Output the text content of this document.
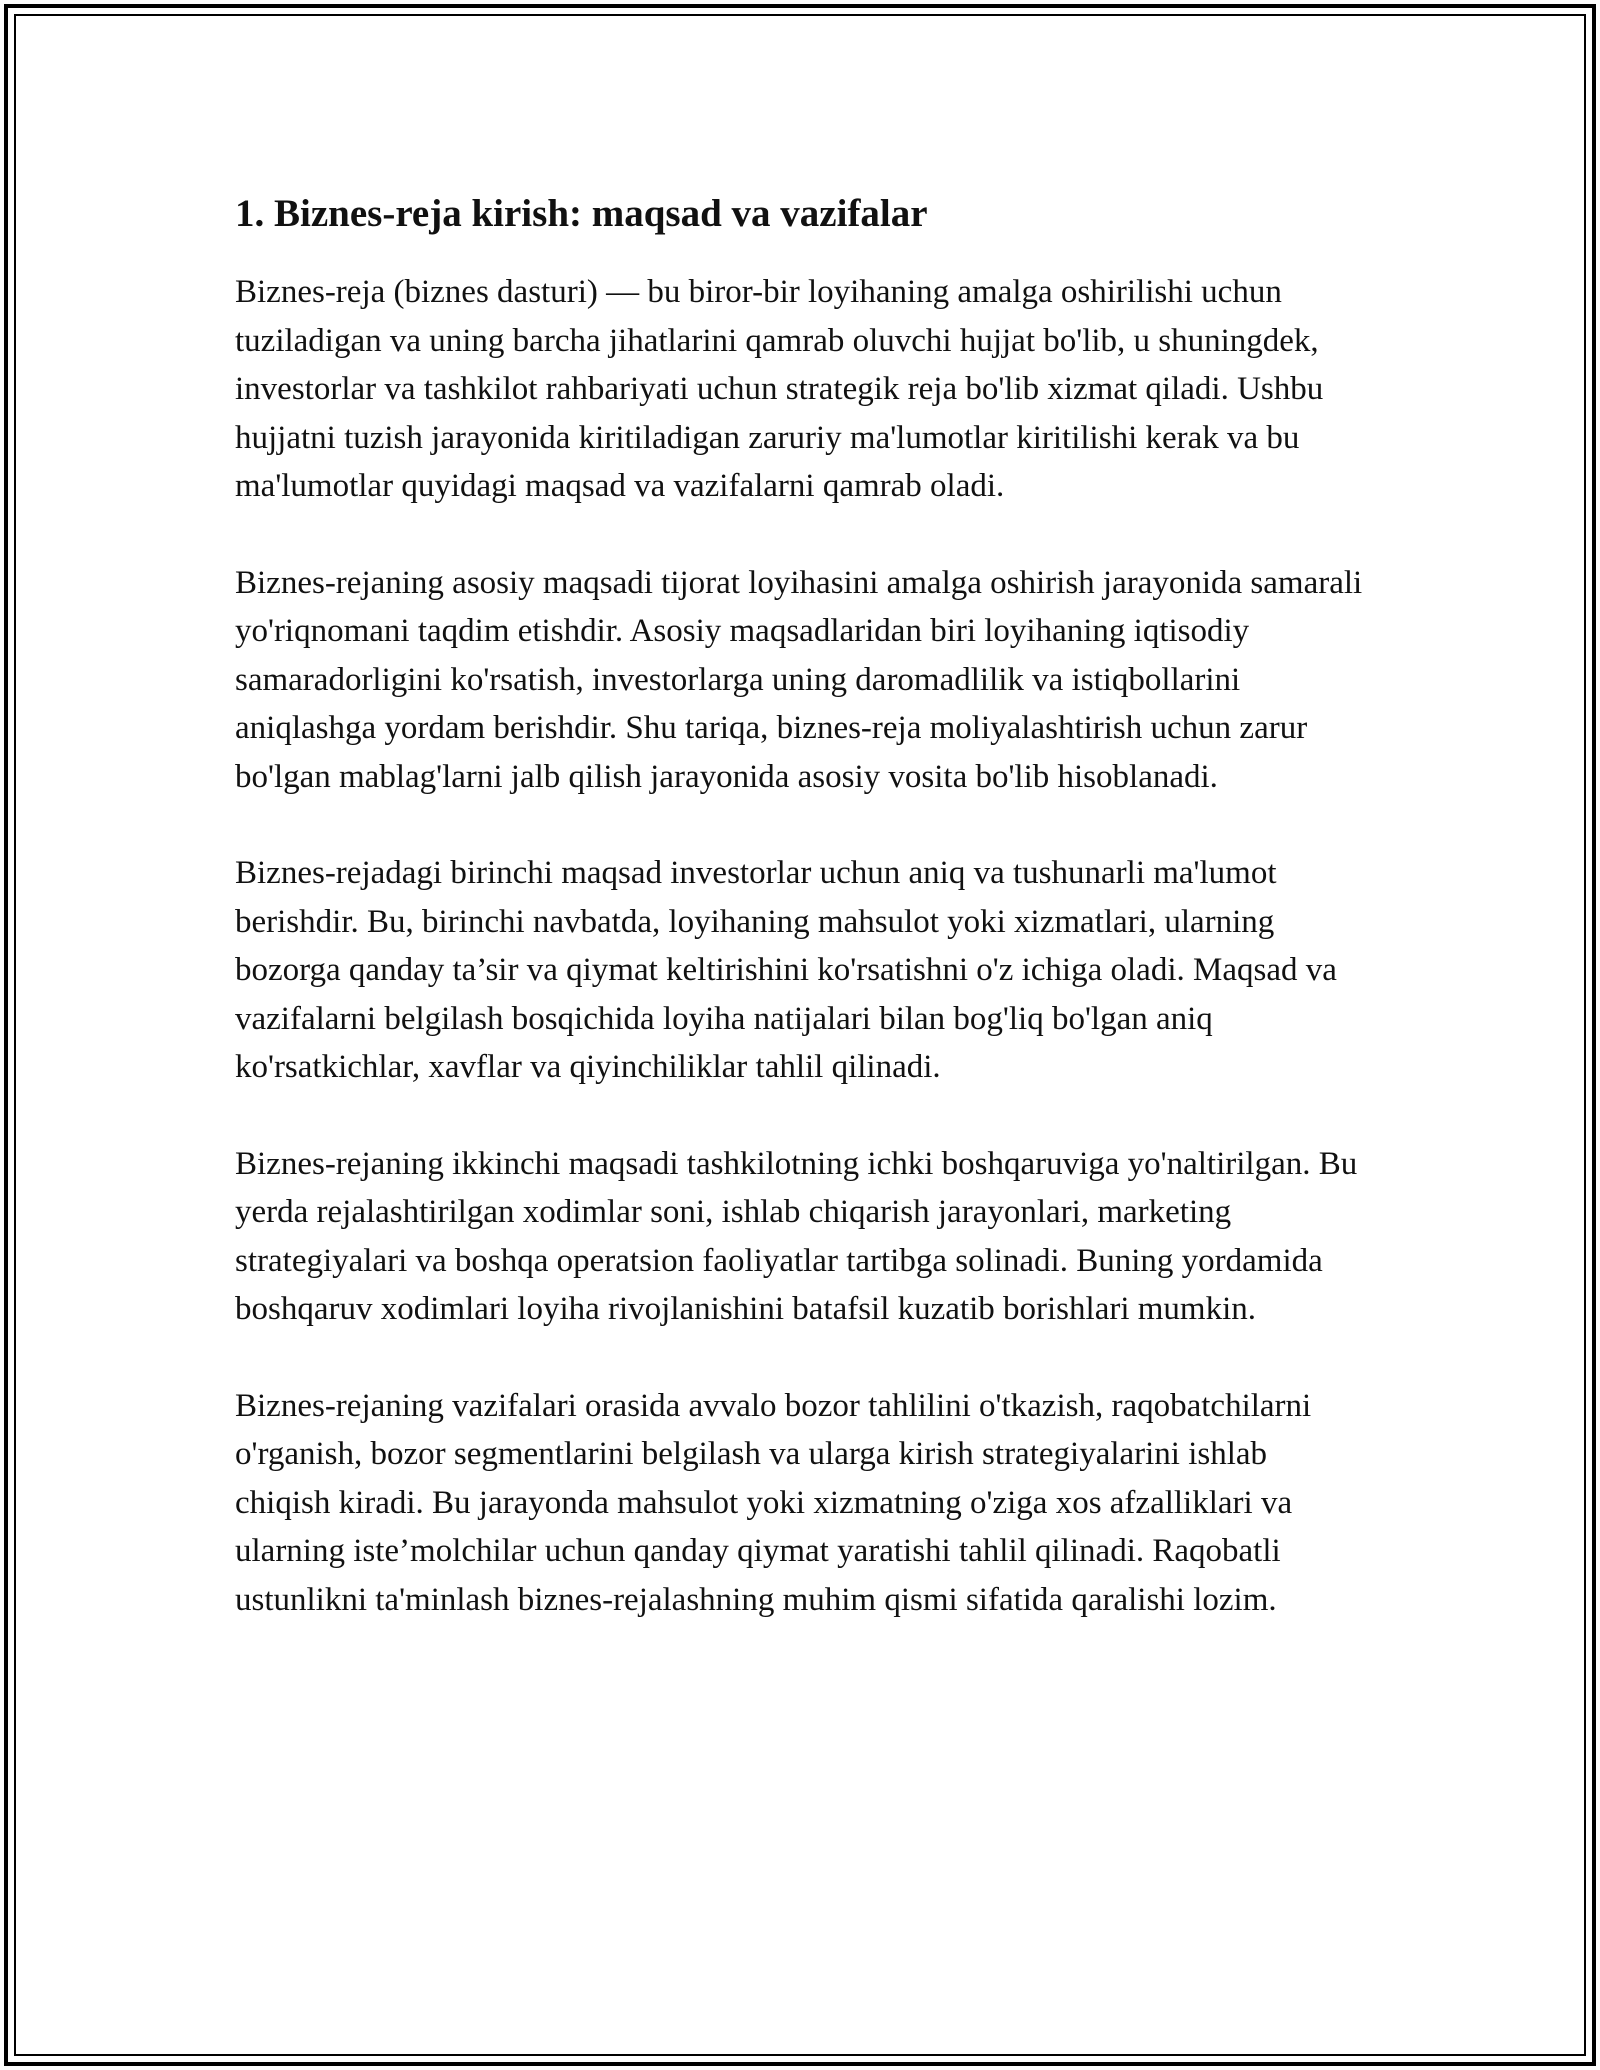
1. Biznes-reja kirish: maqsad va vazifalar

Biznes-reja (biznes dasturi) — bu biror-bir loyihaning amalga oshirilishi uchun tuziladigan va uning barcha jihatlarini qamrab oluvchi hujjat bo'lib, u shuningdek, investorlar va tashkilot rahbariyati uchun strategik reja bo'lib xizmat qiladi. Ushbu hujjatni tuzish jarayonida kiritiladigan zaruriy ma'lumotlar kiritilishi kerak va bu ma'lumotlar quyidagi maqsad va vazifalarni qamrab oladi.

Biznes-rejaning asosiy maqsadi tijorat loyihasini amalga oshirish jarayonida samarali yo'riqnomani taqdim etishdir. Asosiy maqsadlaridan biri loyihaning iqtisodiy samaradorligini ko'rsatish, investorlarga uning daromadlilik va istiqbollarini aniqlashga yordam berishdir. Shu tariqa, biznes-reja moliyalashtirish uchun zarur bo'lgan mablag'larni jalb qilish jarayonida asosiy vosita bo'lib hisoblanadi.

Biznes-rejadagi birinchi maqsad investorlar uchun aniq va tushunarli ma'lumot berishdir. Bu, birinchi navbatda, loyihaning mahsulot yoki xizmatlari, ularning bozorga qanday ta’sir va qiymat keltirishini ko'rsatishni o'z ichiga oladi. Maqsad va vazifalarni belgilash bosqichida loyiha natijalari bilan bog'liq bo'lgan aniq ko'rsatkichlar, xavflar va qiyinchiliklar tahlil qilinadi.

Biznes-rejaning ikkinchi maqsadi tashkilotning ichki boshqaruviga yo'naltirilgan. Bu yerda rejalashtirilgan xodimlar soni, ishlab chiqarish jarayonlari, marketing strategiyalari va boshqa operatsion faoliyatlar tartibga solinadi. Buning yordamida boshqaruv xodimlari loyiha rivojlanishini batafsil kuzatib borishlari mumkin.

Biznes-rejaning vazifalari orasida avvalo bozor tahlilini o'tkazish, raqobatchilarni o'rganish, bozor segmentlarini belgilash va ularga kirish strategiyalarini ishlab chiqish kiradi. Bu jarayonda mahsulot yoki xizmatning o'ziga xos afzalliklari va ularning iste’molchilar uchun qanday qiymat yaratishi tahlil qilinadi. Raqobatli ustunlikni ta'minlash biznes-rejalashning muhim qismi sifatida qaralishi lozim.
